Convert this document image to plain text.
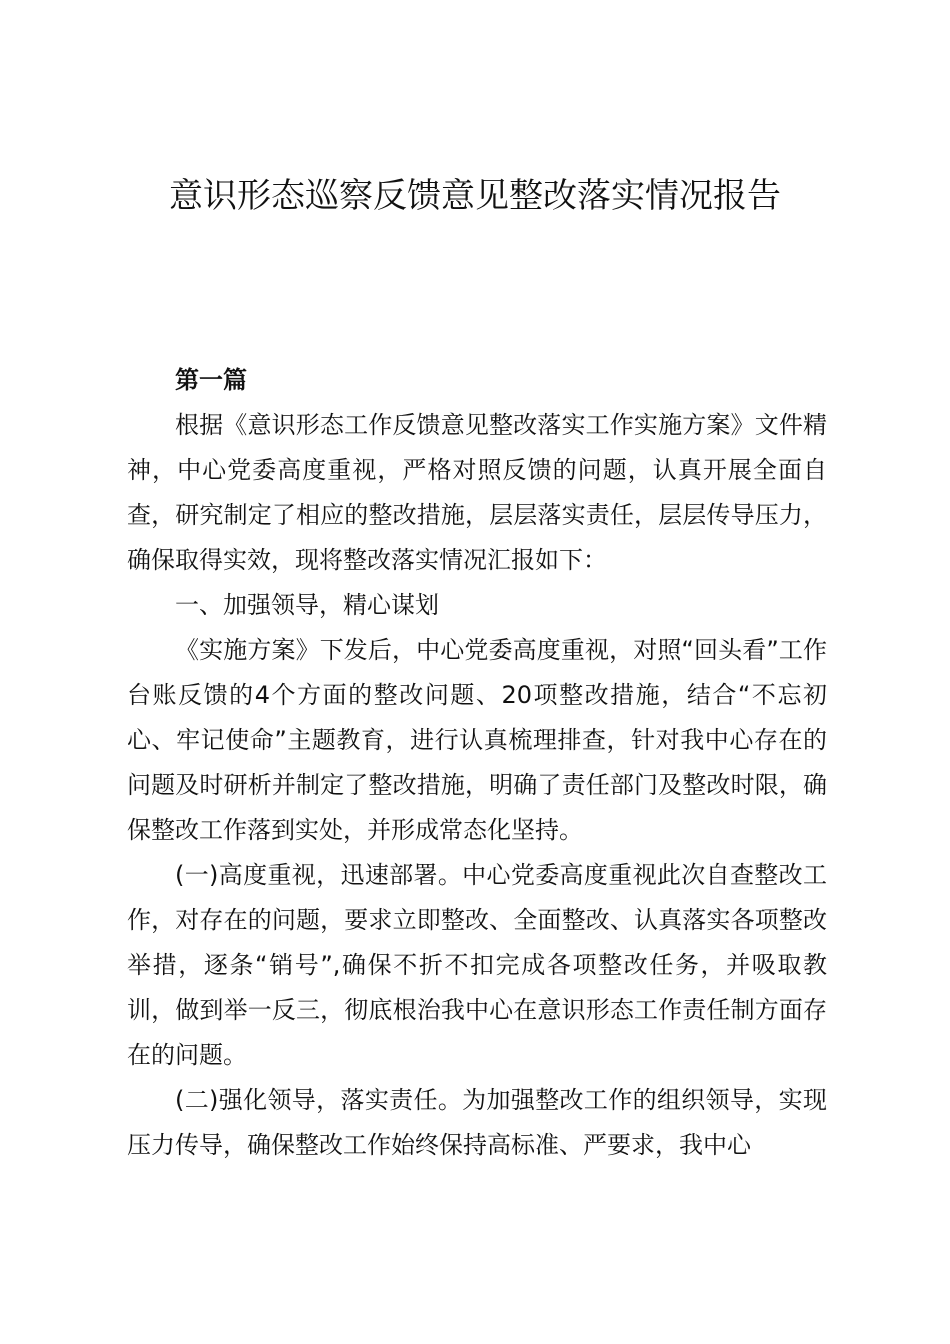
意识形态巡察反馈意见整改落实情况报告

第一篇

根据《意识形态工作反馈意见整改落实工作实施方案》文件精神，中心党委高度重视，严格对照反馈的问题，认真开展全面自查，研究制定了相应的整改措施，层层落实责任，层层传导压力，确保取得实效，现将整改落实情况汇报如下：

一、加强领导，精心谋划

《实施方案》下发后，中心党委高度重视，对照“回头看”工作台账反馈的4个方面的整改问题、20项整改措施，结合“不忘初心、牢记使命”主题教育，进行认真梳理排查，针对我中心存在的问题及时研析并制定了整改措施，明确了责任部门及整改时限，确保整改工作落到实处，并形成常态化坚持。

(一)高度重视，迅速部署。中心党委高度重视此次自查整改工作，对存在的问题，要求立即整改、全面整改、认真落实各项整改举措，逐条“销号”,确保不折不扣完成各项整改任务，并吸取教训，做到举一反三，彻底根治我中心在意识形态工作责任制方面存在的问题。

(二)强化领导，落实责任。为加强整改工作的组织领导，实现压力传导，确保整改工作始终保持高标准、严要求，我中心
